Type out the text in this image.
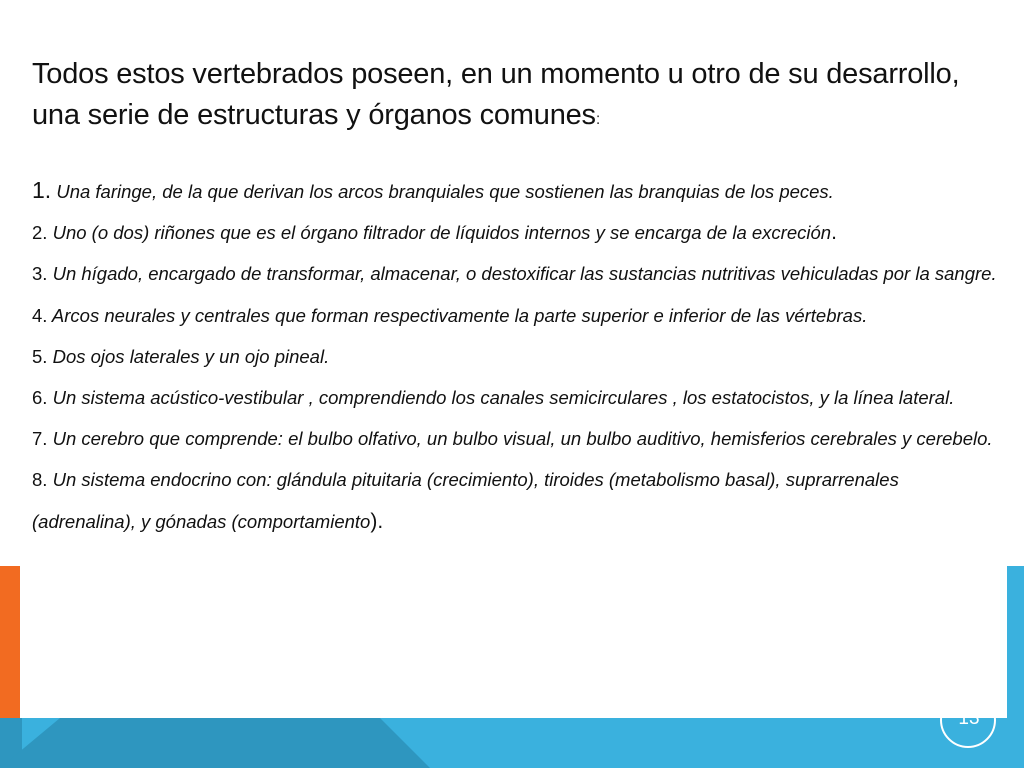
Todos estos vertebrados poseen, en un momento u otro de su desarrollo, una serie de estructuras y órganos comunes:
1. Una faringe, de la que derivan los arcos branquiales que sostienen las branquias de los peces.
2. Uno (o dos) riñones que es el órgano filtrador de líquidos internos y se encarga de la excreción.
3. Un hígado, encargado de transformar, almacenar, o destoxificar las sustancias nutritivas vehiculadas por la sangre.
4. Arcos neurales y centrales que forman respectivamente la parte superior e inferior de las vértebras.
5. Dos ojos laterales y un ojo pineal.
6. Un sistema acústico-vestibular , comprendiendo los canales semicirculares , los estatocistos, y la línea lateral.
7. Un cerebro que comprende: el bulbo olfativo, un bulbo visual, un bulbo auditivo, hemisferios cerebrales y cerebelo.
8. Un sistema endocrino con: glándula pituitaria (crecimiento), tiroides (metabolismo basal), suprarrenales (adrenalina), y gónadas (comportamiento).
13
